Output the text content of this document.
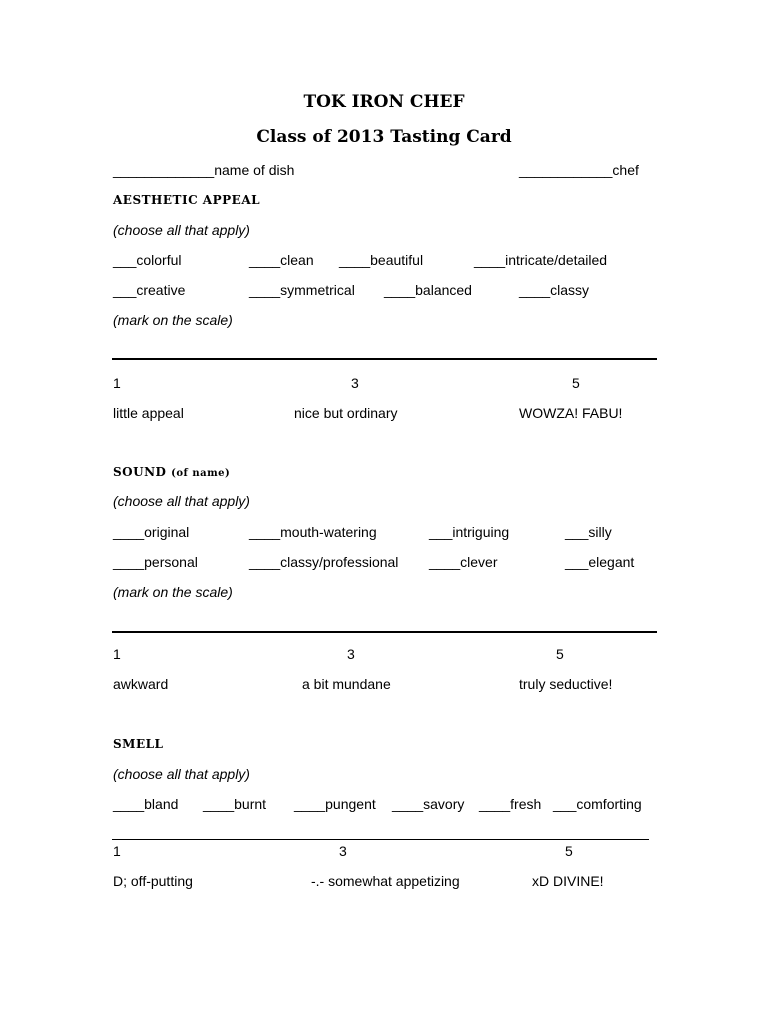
TOK IRON CHEF
Class of 2013 Tasting Card
_____________name of dish	____________chef
AESTHETIC APPEAL
(choose all that apply)
___colorful	____clean ____beautiful	____intricate/detailed
___creative	____symmetrical ____balanced	____classy
(mark on the scale)
1	3	5
little appeal	nice but ordinary	WOWZA! FABU!
SOUND (of name)
(choose all that apply)
____original	____mouth-watering	___intriguing	___silly
____personal	____classy/professional ____clever	___elegant
(mark on the scale)
1	3	5
awkward	a bit mundane	truly seductive!
SMELL
(choose all that apply)
____bland ____burnt ____pungent ____savory ____fresh ___comforting
1	3	5
D; off-putting	-.- somewhat appetizing	xD DIVINE!
